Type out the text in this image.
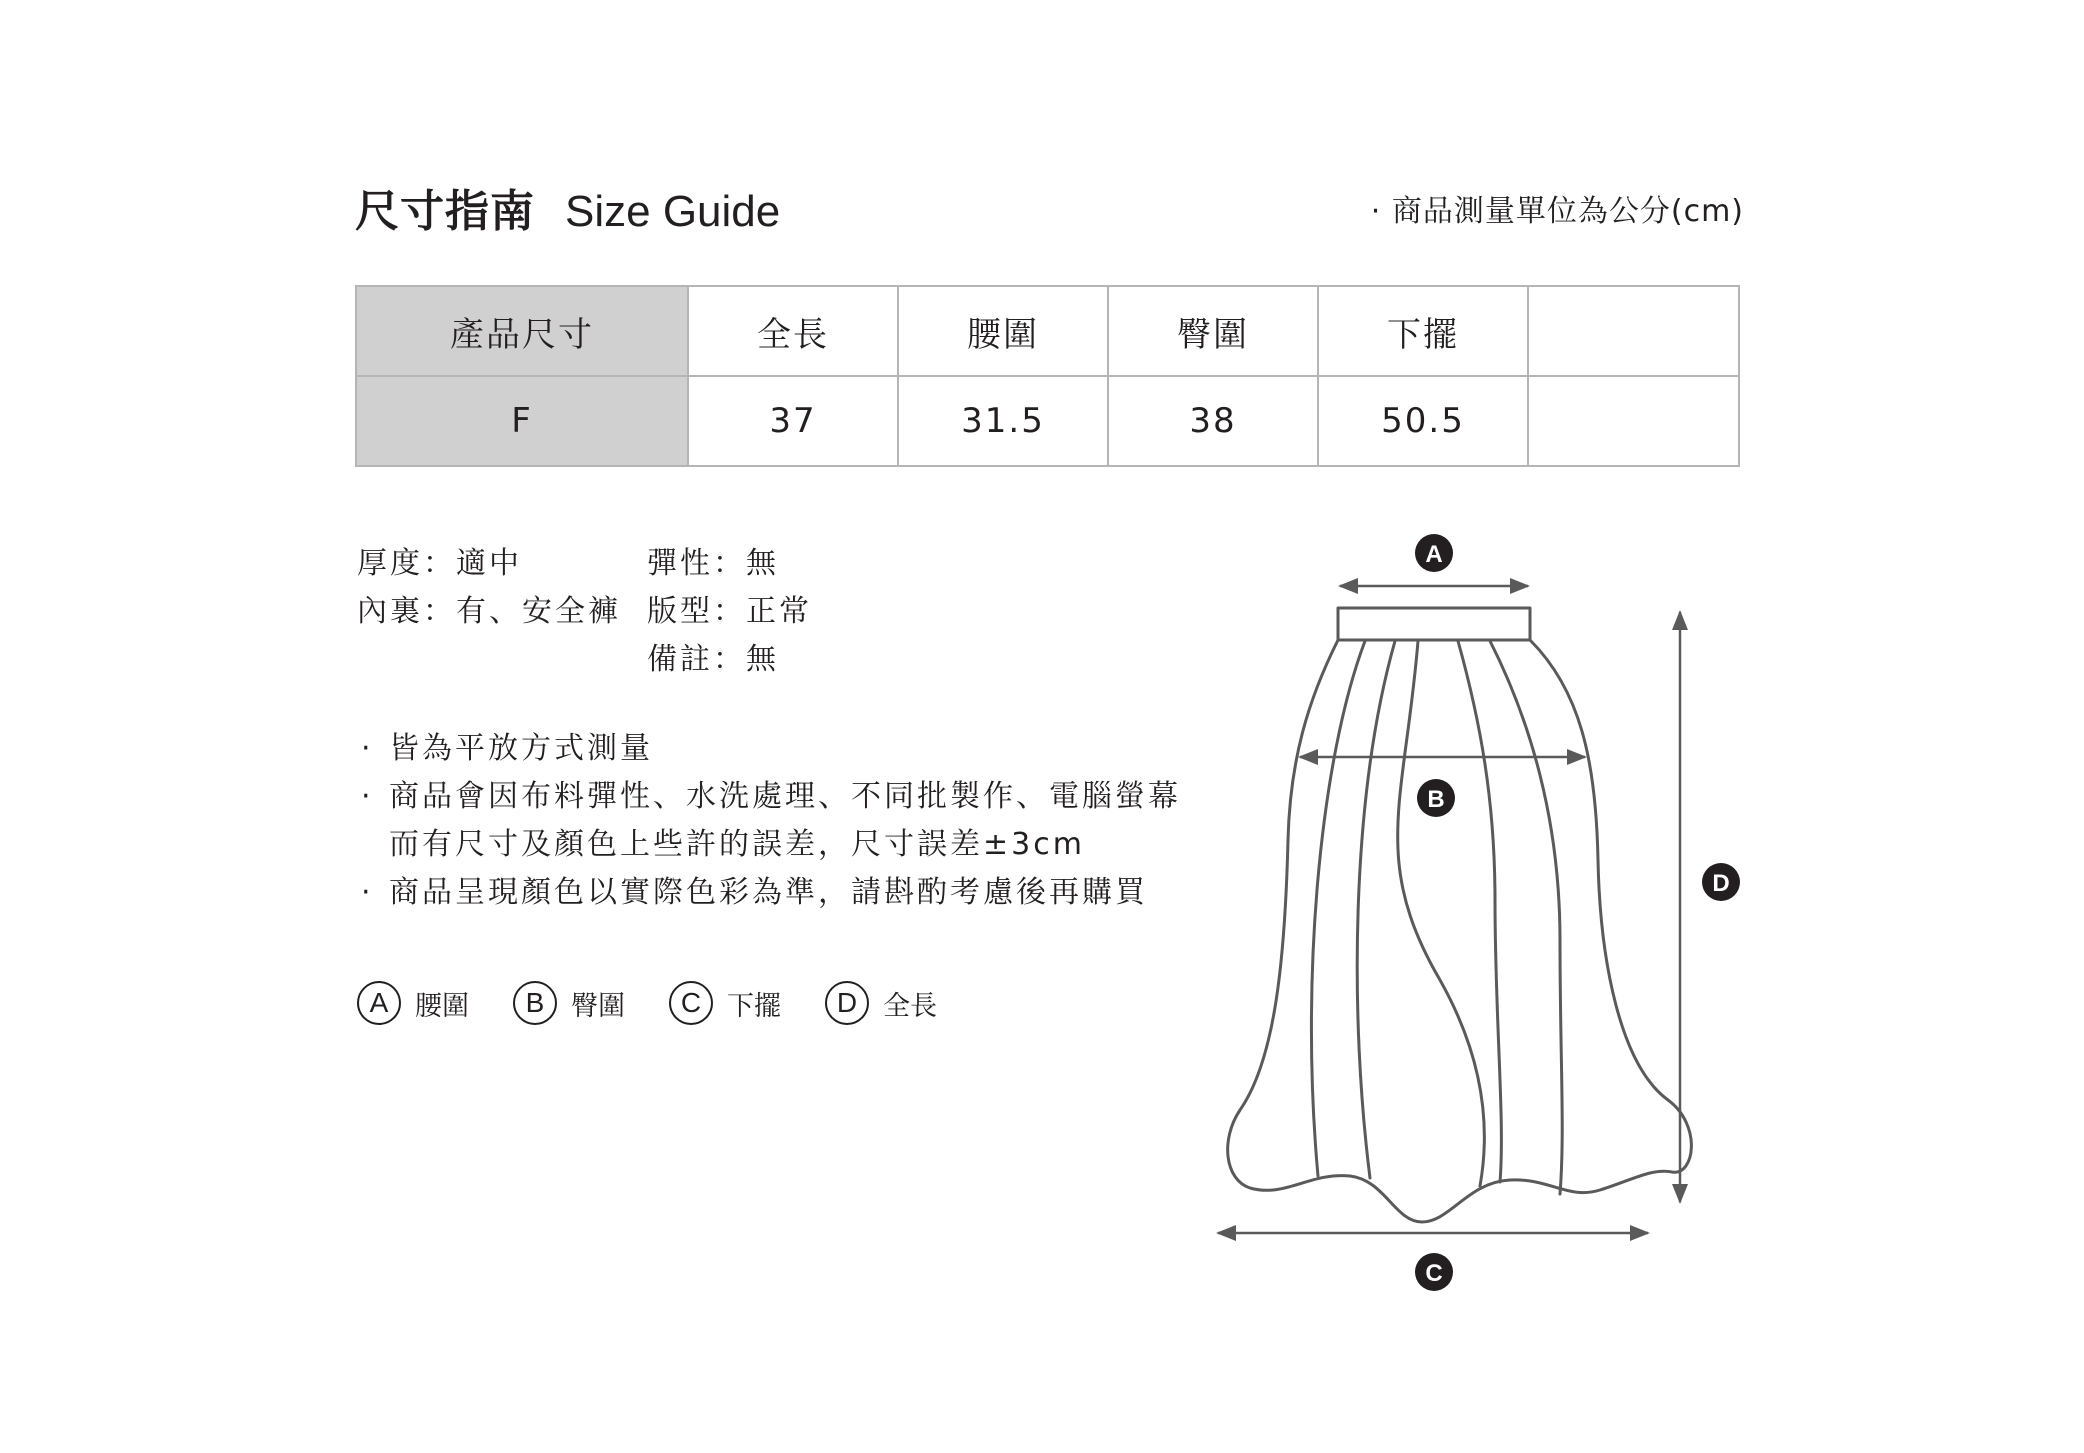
尺寸指南 Size Guide	· 商品測量單位為公分(cm)
產品尺寸	全長	腰圍	臀圍	下擺	
F	37	31.5	38	50.5	
厚度：適中	彈性：無
內裏：有、安全褲 版型：正常
備註：無
· 皆為平放方式測量
· 商品會因布料彈性、水洗處理、不同批製作、電腦螢幕
而有尺寸及顏色上些許的誤差，尺寸誤差±3cm
· 商品呈現顏色以實際色彩為準，請斟酌考慮後再購買
A 腰圍	B 臀圍	C 下擺	D 全長
A
B
C
D
